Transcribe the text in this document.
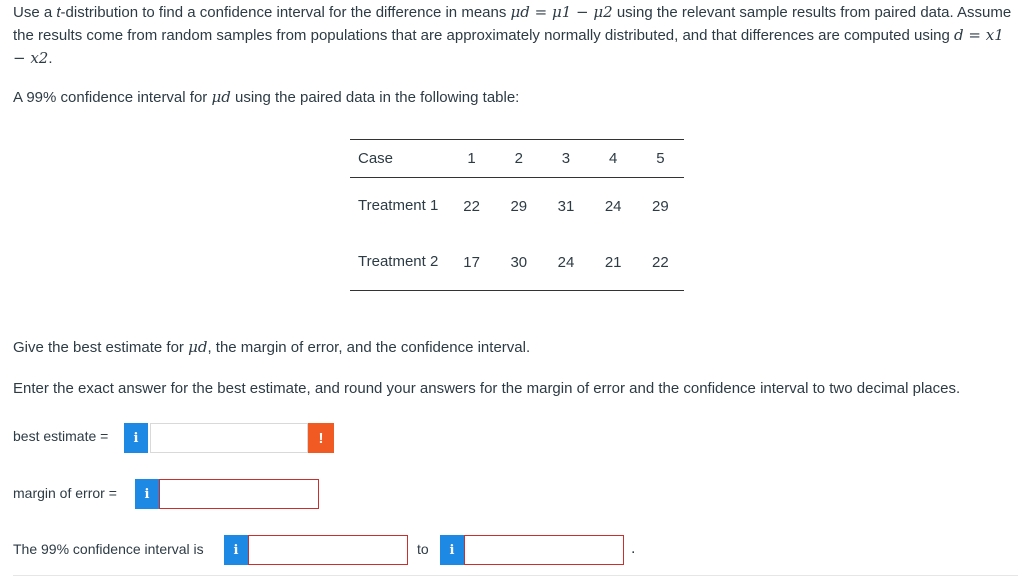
Use a t-distribution to find a confidence interval for the difference in means μd = μ1 − μ2 using the relevant sample results from paired data. Assume the results come from random samples from populations that are approximately normally distributed, and that differences are computed using d = x1 − x2.

A 99% confidence interval for μd using the paired data in the following table:

Case	1	2	3	4	5
Treatment 1	22	29	31	24	29
Treatment 2	17	30	24	21	22

Give the best estimate for μd, the margin of error, and the confidence interval.

Enter the exact answer for the best estimate, and round your answers for the margin of error and the confidence interval to two decimal places.

best estimate =	i	!
margin of error =	i
The 99% confidence interval is	i	to	i	.
